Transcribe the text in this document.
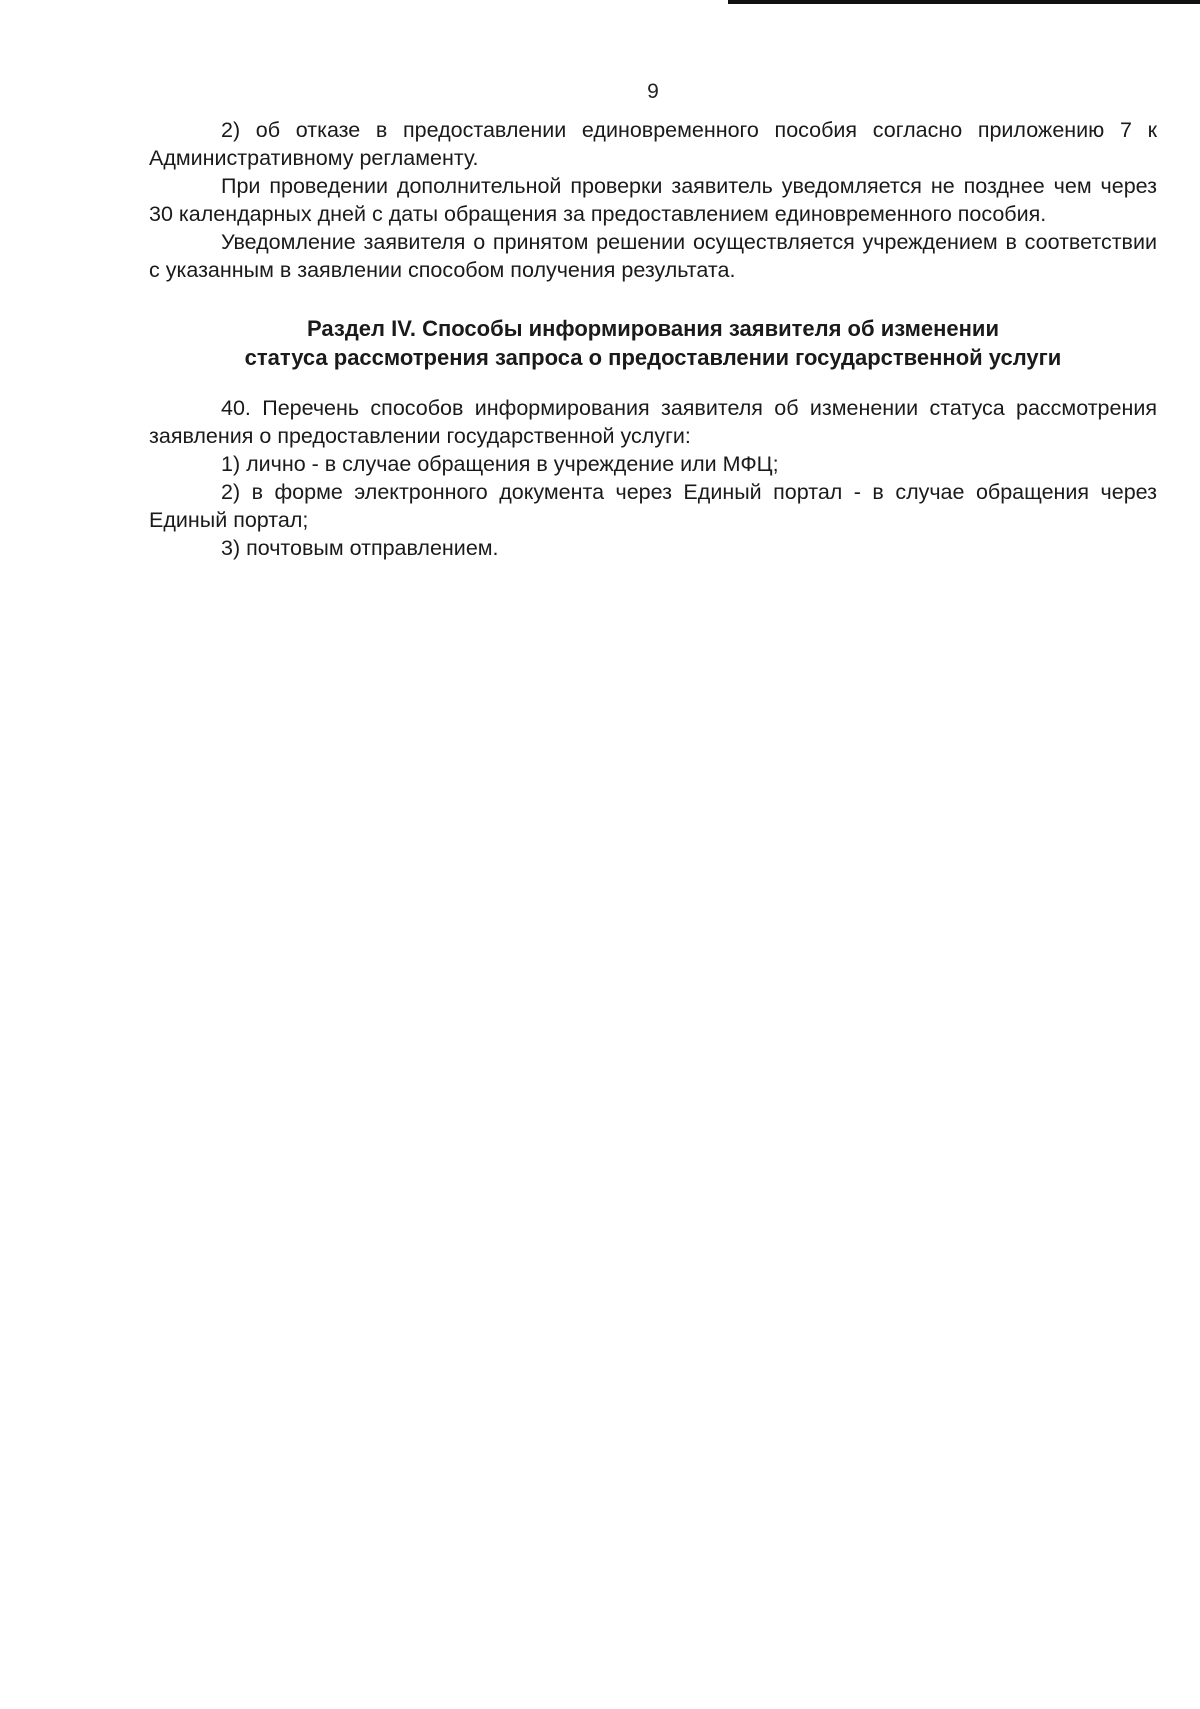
9

2) об отказе в предоставлении единовременного пособия согласно приложению 7 к Административному регламенту.

При проведении дополнительной проверки заявитель уведомляется не позднее чем через 30 календарных дней с даты обращения за предоставлением единовременного пособия.

Уведомление заявителя о принятом решении осуществляется учреждением в соответствии с указанным в заявлении способом получения результата.

Раздел IV. Способы информирования заявителя об изменении
статуса рассмотрения запроса о предоставлении государственной услуги

40. Перечень способов информирования заявителя об изменении статуса рассмотрения заявления о предоставлении государственной услуги:

1) лично - в случае обращения в учреждение или МФЦ;

2) в форме электронного документа через Единый портал - в случае обращения через Единый портал;

3) почтовым отправлением.
